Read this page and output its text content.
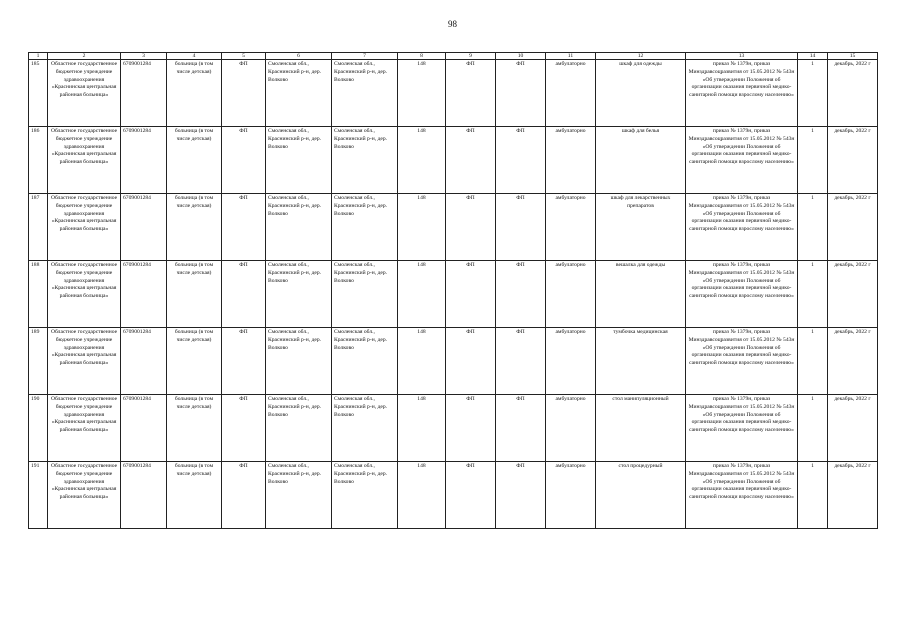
98
1	2	3	4	5	6	7	8	9	10	11	12	13	14	15
185	Областное государственное бюджетное учреждение здравоохранения «Краснинская центральная районная больница»	6709001284	больница (в том числе детская)	ФП	Смоленская обл., Краснинский р-н, дер. Волково	Смоленская обл., Краснинский р-н, дер. Волково	148	ФП	ФП	амбулаторно	шкаф для одежды	приказ № 1379н, приказ Минздравсоцразвития от 15.05.2012 № 543н «Об утверждении Положения об организации оказания первичной медико-санитарной помощи взрослому населению»	1	декабрь, 2022 г
186	Областное государственное бюджетное учреждение здравоохранения «Краснинская центральная районная больница»	6709001284	больница (в том числе детская)	ФП	Смоленская обл., Краснинский р-н, дер. Волково	Смоленская обл., Краснинский р-н, дер. Волково	148	ФП	ФП	амбулаторно	шкаф для белья	приказ № 1379н, приказ Минздравсоцразвития от 15.05.2012 № 543н «Об утверждении Положения об организации оказания первичной медико-санитарной помощи взрослому населению»	1	декабрь, 2022 г
187	Областное государственное бюджетное учреждение здравоохранения «Краснинская центральная районная больница»	6709001284	больница (в том числе детская)	ФП	Смоленская обл., Краснинский р-н, дер. Волково	Смоленская обл., Краснинский р-н, дер. Волково	148	ФП	ФП	амбулаторно	шкаф для лекарственных препаратов	приказ № 1379н, приказ Минздравсоцразвития от 15.05.2012 № 543н «Об утверждении Положения об организации оказания первичной медико-санитарной помощи взрослому населению»	1	декабрь, 2022 г
188	Областное государственное бюджетное учреждение здравоохранения «Краснинская центральная районная больница»	6709001284	больница (в том числе детская)	ФП	Смоленская обл., Краснинский р-н, дер. Волково	Смоленская обл., Краснинский р-н, дер. Волково	148	ФП	ФП	амбулаторно	вешалка для одежды	приказ № 1379н, приказ Минздравсоцразвития от 15.05.2012 № 543н «Об утверждении Положения об организации оказания первичной медико-санитарной помощи взрослому населению»	1	декабрь, 2022 г
189	Областное государственное бюджетное учреждение здравоохранения «Краснинская центральная районная больница»	6709001284	больница (в том числе детская)	ФП	Смоленская обл., Краснинский р-н, дер. Волково	Смоленская обл., Краснинский р-н, дер. Волково	148	ФП	ФП	амбулаторно	тумбочка медицинская	приказ № 1379н, приказ Минздравсоцразвития от 15.05.2012 № 543н «Об утверждении Положения об организации оказания первичной медико-санитарной помощи взрослому населению»	1	декабрь, 2022 г
190	Областное государственное бюджетное учреждение здравоохранения «Краснинская центральная районная больница»	6709001284	больница (в том числе детская)	ФП	Смоленская обл., Краснинский р-н, дер. Волково	Смоленская обл., Краснинский р-н, дер. Волково	148	ФП	ФП	амбулаторно	стол манипуляционный	приказ № 1379н, приказ Минздравсоцразвития от 15.05.2012 № 543н «Об утверждении Положения об организации оказания первичной медико-санитарной помощи взрослому населению»	1	декабрь, 2022 г
191	Областное государственное бюджетное учреждение здравоохранения «Краснинская центральная районная больница»	6709001284	больница (в том числе детская)	ФП	Смоленская обл., Краснинский р-н, дер. Волково	Смоленская обл., Краснинский р-н, дер. Волково	148	ФП	ФП	амбулаторно	стол процедурный	приказ № 1379н, приказ Минздравсоцразвития от 15.05.2012 № 543н «Об утверждении Положения об организации оказания первичной медико-санитарной помощи взрослому населению»	1	декабрь, 2022 г
